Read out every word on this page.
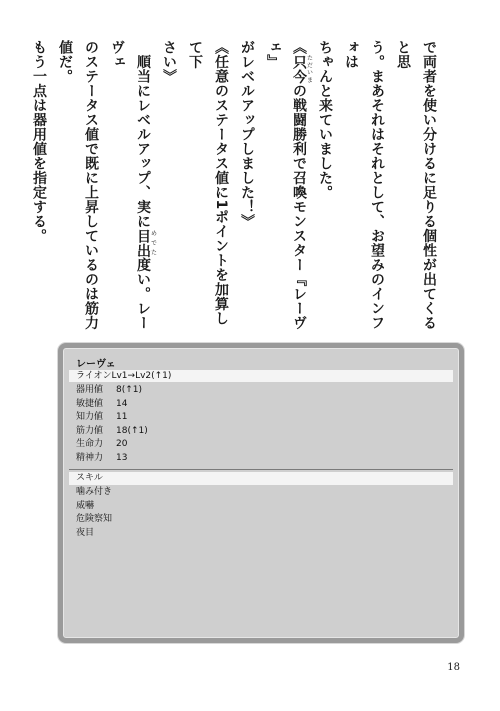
で両者を使い分けるに足りる個性が出てくると思

う。まあそれはそれとして、お望みのインフォは

ちゃんと来ていました。

《只今ただいまの戦闘勝利で召喚モンスター『レーヴェ』

がレベルアップしました！》

《任意のステータス値に1ポイントを加算して下

さい》

　順当にレベルアップ、実に目出めでた度い。レーヴェ

のステータス値で既に上昇しているのは筋力値だ。

もう一点は器用値を指定する。

レーヴェ
ライオンLv1→Lv2(↑1)
器用値	8(↑1)
敏捷値	14
知力値	11
筋力値	18(↑1)
生命力	20
精神力	13
スキル
噛み付き
威嚇
危険察知
夜目
18
